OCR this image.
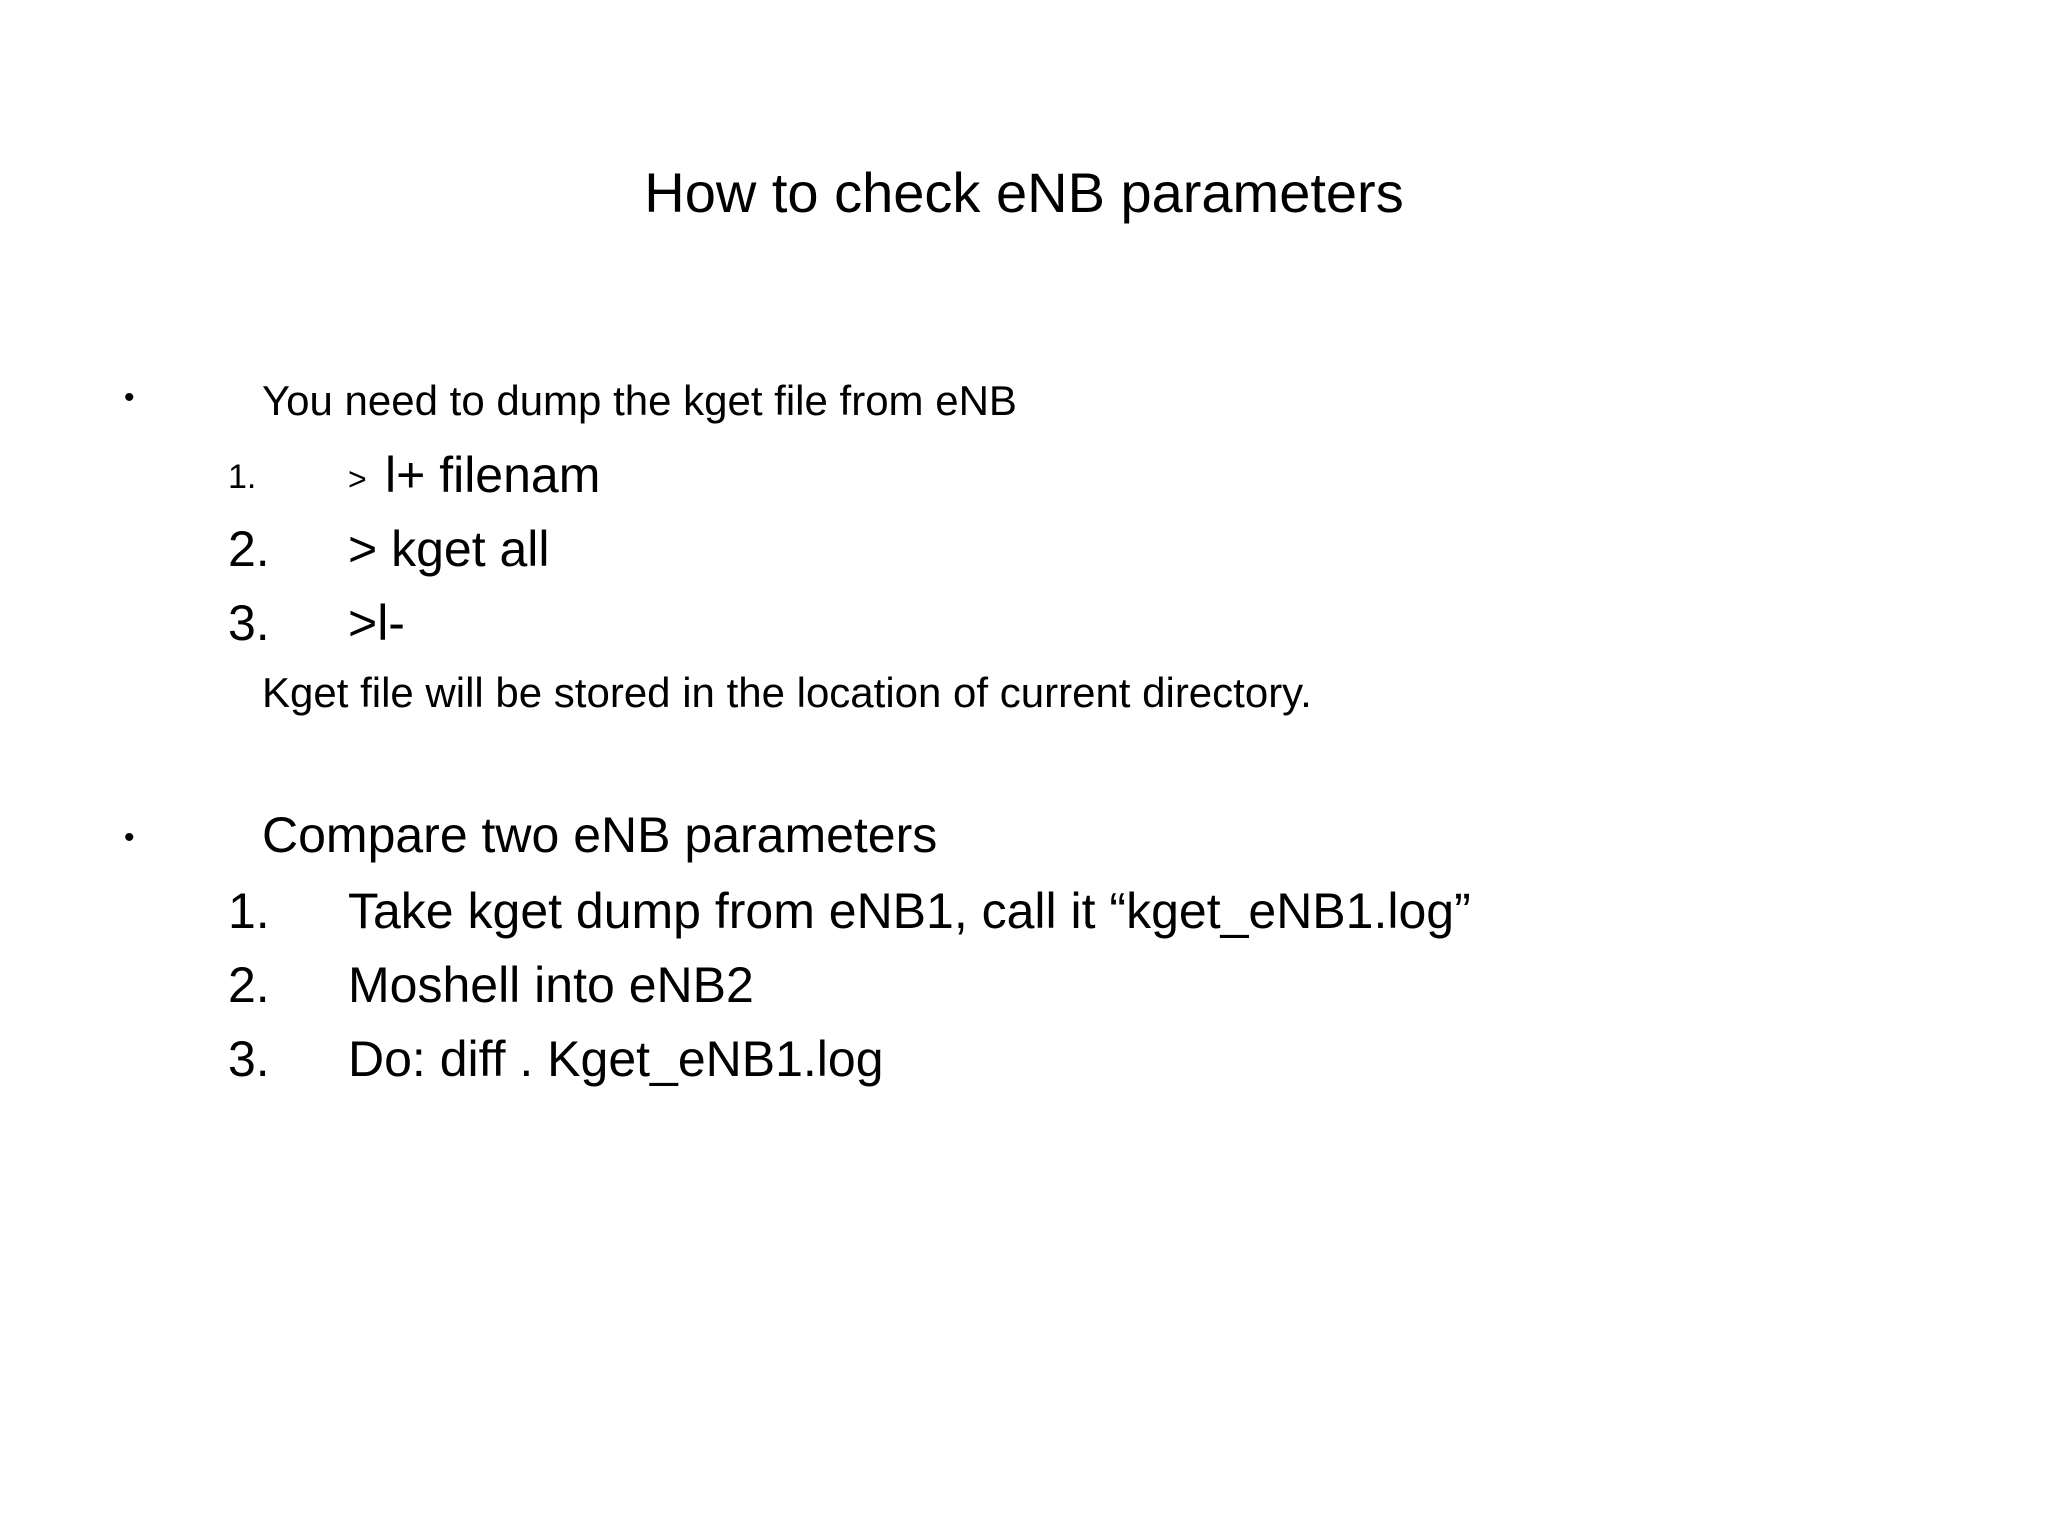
How to check eNB parameters
•	You need to dump the kget file from eNB
1.	> l+ filenam
2. > kget all
3. >l-
Kget file will be stored in the location of current directory.
•	Compare two eNB parameters
1. Take kget dump from eNB1, call it “kget_eNB1.log”
2. Moshell into eNB2
3. Do: diff . Kget_eNB1.log
